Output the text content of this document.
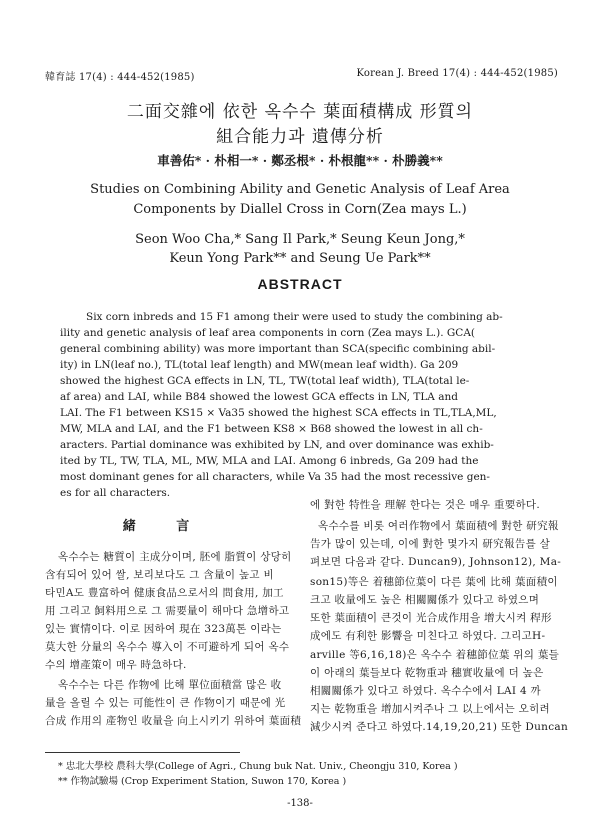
韓育誌 17(4) : 444-452(1985)	Korean J. Breed 17(4) : 444-452(1985)
二面交雜에 依한 옥수수 葉面積構成 形質의
組合能力과 遺傳分析
車善佑* · 朴相一* · 鄭丞根* · 朴根龍** · 朴勝義**
Studies on Combining Ability and Genetic Analysis of Leaf Area
Components by Diallel Cross in Corn(Zea mays L.)
Seon Woo Cha,* Sang Il Park,* Seung Keun Jong,*
Keun Yong Park** and Seung Ue Park**
ABSTRACT
Six corn inbreds and 15 F1 among their were used to study the combining ab-
ility and genetic analysis of leaf area components in corn (Zea mays L.). GCA(
general combining ability) was more important than SCA(specific combining abil-
ity) in LN(leaf no.), TL(total leaf length) and MW(mean leaf width). Ga 209
showed the highest GCA effects in LN, TL, TW(total leaf width), TLA(total le-
af area) and LAI, while B84 showed the lowest GCA effects in LN, TLA and
LAI. The F1 between KS15 × Va35 showed the highest SCA effects in TL,TLA,ML,
MW, MLA and LAI, and the F1 between KS8 × B68 showed the lowest in all ch-
aracters. Partial dominance was exhibited by LN, and over dominance was exhib-
ited by TL, TW, TLA, ML, MW, MLA and LAI. Among 6 inbreds, Ga 209 had the
most dominant genes for all characters, while Va 35 had the most recessive gen-
es for all characters.
緒 言
옥수수는 糖質이 主成分이며, 胚에 脂質이 상당히
含有되어 있어 쌀, 보리보다도 그 含量이 높고 비
타민A도 豊富하여 健康食品으로서의 問食用, 加工
用 그리고 飼料用으로 그 需要量이 해마다 急增하고
있는 實情이다. 이로 因하여 現在 323萬톤 이라는
莫大한 分量의 옥수수 導入이 不可避하게 되어 옥수
수의 增產策이 매우 時急하다.
옥수수는 다른 作物에 比해 單位面積當 많은 收
量을 올릴 수 있는 可能性이 큰 作物이기 때문에 光
合成 作用의 產物인 收量을 向上시키기 위하여 葉面積
에 對한 特性을 理解 한다는 것은 매우 重要하다.
옥수수를 비롯 여러作物에서 葉面積에 對한 研究報
告가 많이 있는데, 이에 對한 몇가지 研究報告를 살
펴보면 다음과 같다. Duncan9), Johnson12), Ma-
son15)等은 着穗節位葉이 다른 葉에 比해 葉面積이
크고 收量에도 높은 相關關係가 있다고 하였으며
또한 葉面積이 큰것이 光合成作用을 增大시켜 稈形
成에도 有利한 影響을 미친다고 하였다. 그리고H-
arville 等6,16,18)은 옥수수 着穗節位葉 위의 葉들
이 아래의 葉들보다 乾物重과 穗實收量에 더 높은
相關關係가 있다고 하였다. 옥수수에서 LAI 4 까
지는 乾物重을 增加시켜주나 그 以上에서는 오히려
減少시켜 준다고 하였다.14,19,20,21) 또한 Duncan
* 忠北大學校 農科大學(College of Agri., Chung buk Nat. Univ., Cheongju 310, Korea )
** 作物試驗場 (Crop Experiment Station, Suwon 170, Korea )
-138-
